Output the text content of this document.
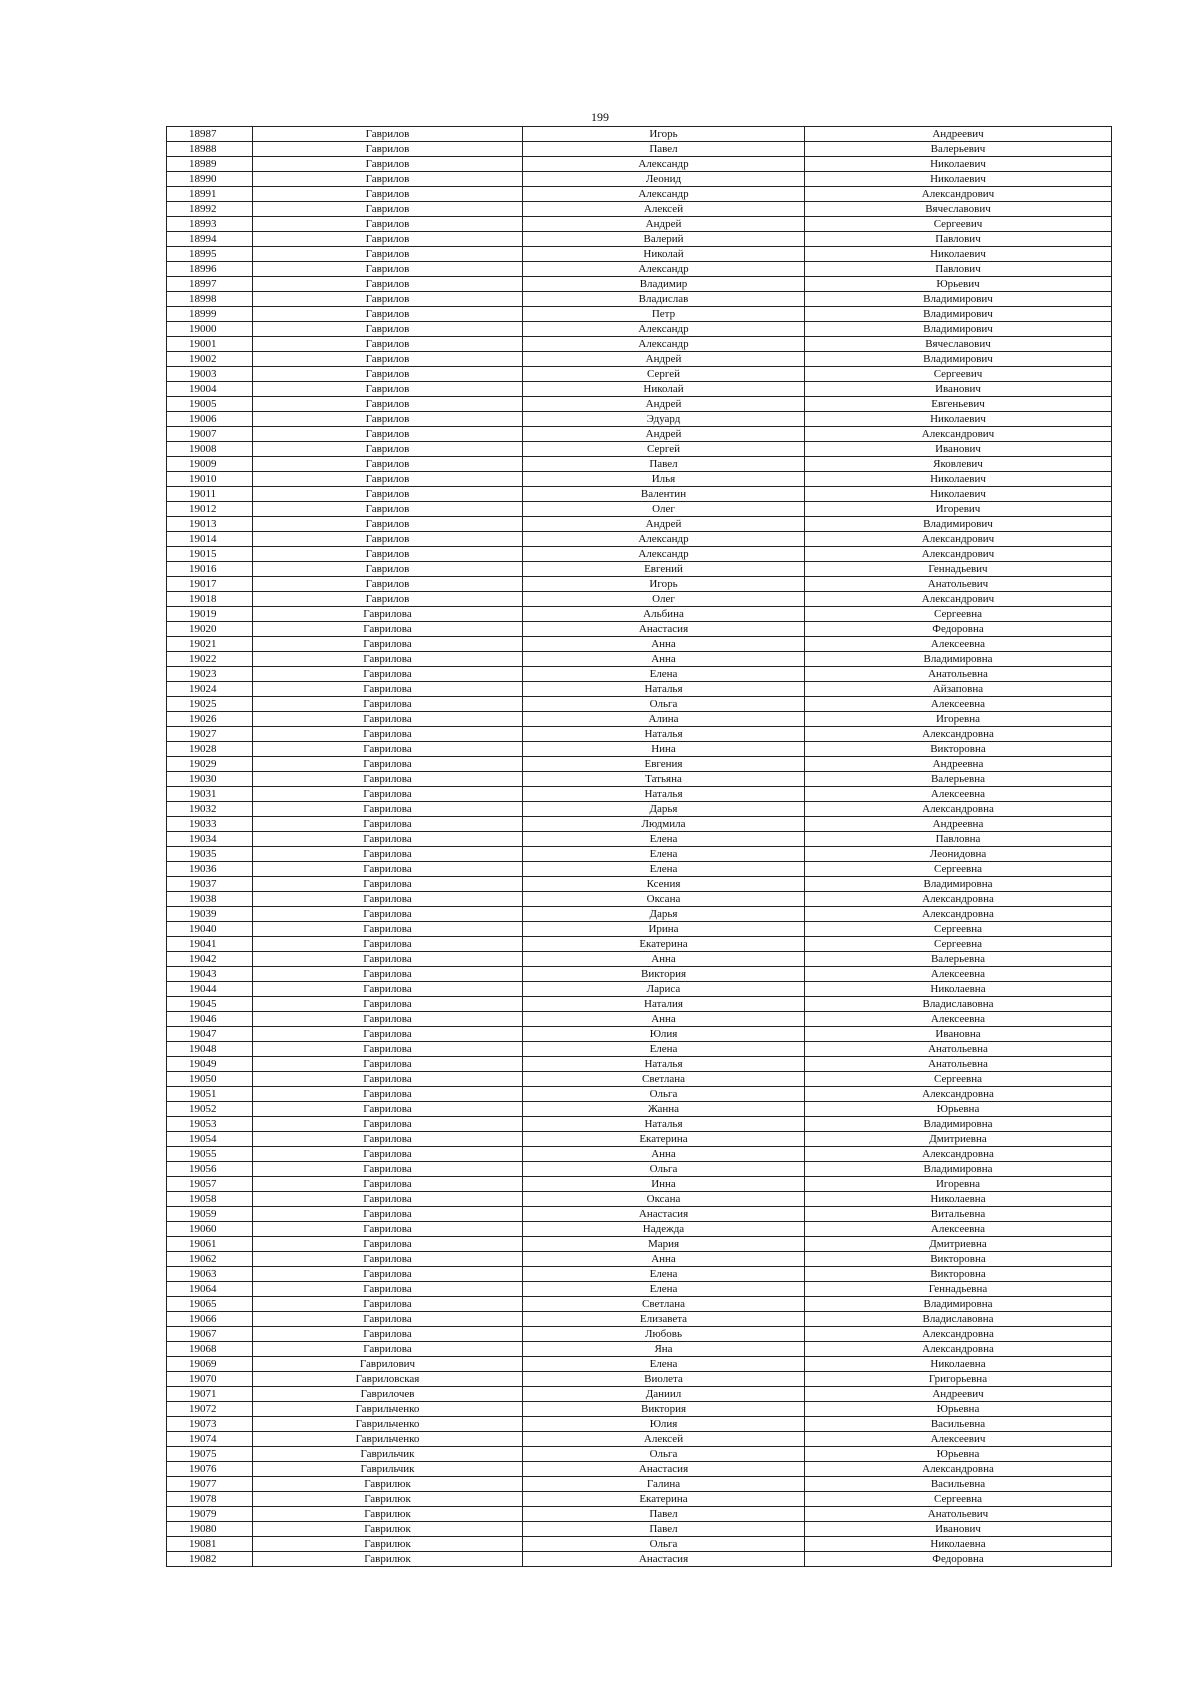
199
18987	Гаврилов	Игорь	Андреевич
18988	Гаврилов	Павел	Валерьевич
18989	Гаврилов	Александр	Николаевич
18990	Гаврилов	Леонид	Николаевич
18991	Гаврилов	Александр	Александрович
18992	Гаврилов	Алексей	Вячеславович
18993	Гаврилов	Андрей	Сергеевич
18994	Гаврилов	Валерий	Павлович
18995	Гаврилов	Николай	Николаевич
18996	Гаврилов	Александр	Павлович
18997	Гаврилов	Владимир	Юрьевич
18998	Гаврилов	Владислав	Владимирович
18999	Гаврилов	Петр	Владимирович
19000	Гаврилов	Александр	Владимирович
19001	Гаврилов	Александр	Вячеславович
19002	Гаврилов	Андрей	Владимирович
19003	Гаврилов	Сергей	Сергеевич
19004	Гаврилов	Николай	Иванович
19005	Гаврилов	Андрей	Евгеньевич
19006	Гаврилов	Эдуард	Николаевич
19007	Гаврилов	Андрей	Александрович
19008	Гаврилов	Сергей	Иванович
19009	Гаврилов	Павел	Яковлевич
19010	Гаврилов	Илья	Николаевич
19011	Гаврилов	Валентин	Николаевич
19012	Гаврилов	Олег	Игоревич
19013	Гаврилов	Андрей	Владимирович
19014	Гаврилов	Александр	Александрович
19015	Гаврилов	Александр	Александрович
19016	Гаврилов	Евгений	Геннадьевич
19017	Гаврилов	Игорь	Анатольевич
19018	Гаврилов	Олег	Александрович
19019	Гаврилова	Альбина	Сергеевна
19020	Гаврилова	Анастасия	Федоровна
19021	Гаврилова	Анна	Алексеевна
19022	Гаврилова	Анна	Владимировна
19023	Гаврилова	Елена	Анатольевна
19024	Гаврилова	Наталья	Айзаповна
19025	Гаврилова	Ольга	Алексеевна
19026	Гаврилова	Алина	Игоревна
19027	Гаврилова	Наталья	Александровна
19028	Гаврилова	Нина	Викторовна
19029	Гаврилова	Евгения	Андреевна
19030	Гаврилова	Татьяна	Валерьевна
19031	Гаврилова	Наталья	Алексеевна
19032	Гаврилова	Дарья	Александровна
19033	Гаврилова	Людмила	Андреевна
19034	Гаврилова	Елена	Павловна
19035	Гаврилова	Елена	Леонидовна
19036	Гаврилова	Елена	Сергеевна
19037	Гаврилова	Ксения	Владимировна
19038	Гаврилова	Оксана	Александровна
19039	Гаврилова	Дарья	Александровна
19040	Гаврилова	Ирина	Сергеевна
19041	Гаврилова	Екатерина	Сергеевна
19042	Гаврилова	Анна	Валерьевна
19043	Гаврилова	Виктория	Алексеевна
19044	Гаврилова	Лариса	Николаевна
19045	Гаврилова	Наталия	Владиславовна
19046	Гаврилова	Анна	Алексеевна
19047	Гаврилова	Юлия	Ивановна
19048	Гаврилова	Елена	Анатольевна
19049	Гаврилова	Наталья	Анатольевна
19050	Гаврилова	Светлана	Сергеевна
19051	Гаврилова	Ольга	Александровна
19052	Гаврилова	Жанна	Юрьевна
19053	Гаврилова	Наталья	Владимировна
19054	Гаврилова	Екатерина	Дмитриевна
19055	Гаврилова	Анна	Александровна
19056	Гаврилова	Ольга	Владимировна
19057	Гаврилова	Инна	Игоревна
19058	Гаврилова	Оксана	Николаевна
19059	Гаврилова	Анастасия	Витальевна
19060	Гаврилова	Надежда	Алексеевна
19061	Гаврилова	Мария	Дмитриевна
19062	Гаврилова	Анна	Викторовна
19063	Гаврилова	Елена	Викторовна
19064	Гаврилова	Елена	Геннадьевна
19065	Гаврилова	Светлана	Владимировна
19066	Гаврилова	Елизавета	Владиславовна
19067	Гаврилова	Любовь	Александровна
19068	Гаврилова	Яна	Александровна
19069	Гаврилович	Елена	Николаевна
19070	Гавриловская	Виолета	Григорьевна
19071	Гаврилочев	Даниил	Андреевич
19072	Гаврильченко	Виктория	Юрьевна
19073	Гаврильченко	Юлия	Васильевна
19074	Гаврильченко	Алексей	Алексеевич
19075	Гаврильчик	Ольга	Юрьевна
19076	Гаврильчик	Анастасия	Александровна
19077	Гаврилюк	Галина	Васильевна
19078	Гаврилюк	Екатерина	Сергеевна
19079	Гаврилюк	Павел	Анатольевич
19080	Гаврилюк	Павел	Иванович
19081	Гаврилюк	Ольга	Николаевна
19082	Гаврилюк	Анастасия	Федоровна
